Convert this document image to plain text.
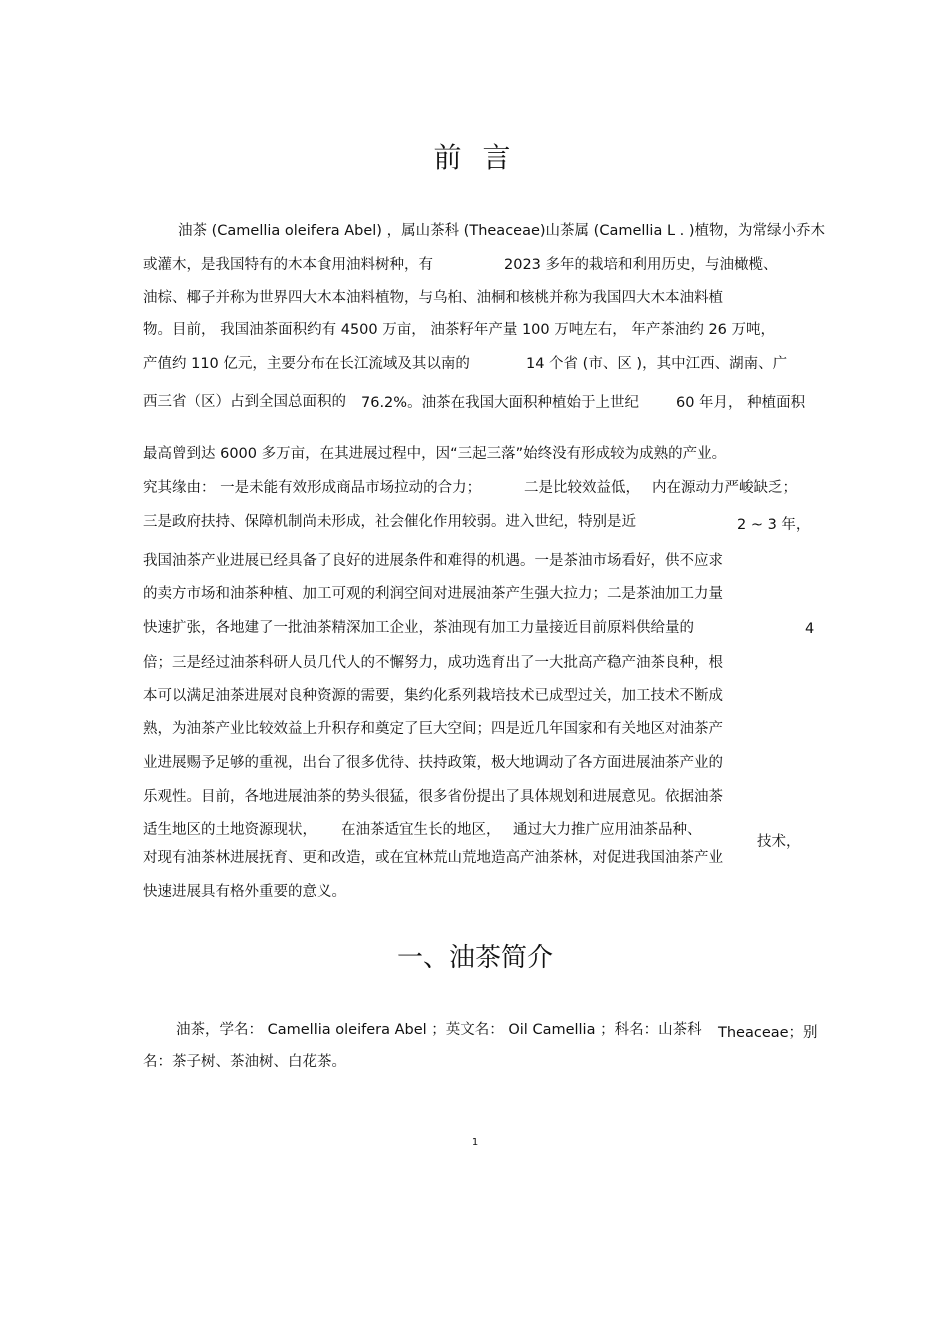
前 言
油茶 (Camellia oleifera Abel) ，属山茶科 (Theaceae)山茶属 (Camellia L . )植物，为常绿小乔木
或灌木，是我国特有的木本食用油料树种，有	2023 多年的栽培和利用历史，与油橄榄、
油棕、椰子并称为世界四大木本油料植物，与乌桕、油桐和核桃并称为我国四大木本油料植
物。目前， 我国油茶面积约有 4500 万亩， 油茶籽年产量 100 万吨左右， 年产茶油约 26 万吨，
产值约 110 亿元，主要分布在长江流域及其以南的	14 个省 (市、区 )，其中江西、湖南、广
西三省（区）占到全国总面积的 76.2%。油茶在我国大面积种植始于上世纪	60 年月， 种植面积
最高曾到达 6000 多万亩，在其进展过程中，因“三起三落”始终没有形成较为成熟的产业。
究其缘由： 一是未能有效形成商品市场拉动的合力；	二是比较效益低， 内在源动力严峻缺乏；
三是政府扶持、保障机制尚未形成，社会催化作用较弱。进入世纪，特别是近	2 ~ 3 年，
我国油茶产业进展已经具备了良好的进展条件和难得的机遇。一是茶油市场看好，供不应求
的卖方市场和油茶种植、加工可观的利润空间对进展油茶产生强大拉力；二是茶油加工力量
快速扩张，各地建了一批油茶精深加工企业，茶油现有加工力量接近目前原料供给量的	4
倍；三是经过油茶科研人员几代人的不懈努力，成功选育出了一大批高产稳产油茶良种，根
本可以满足油茶进展对良种资源的需要，集约化系列栽培技术已成型过关，加工技术不断成
熟，为油茶产业比较效益上升积存和奠定了巨大空间；四是近几年国家和有关地区对油茶产
业进展赐予足够的重视，出台了很多优待、扶持政策，极大地调动了各方面进展油茶产业的
乐观性。目前，各地进展油茶的势头很猛，很多省份提出了具体规划和进展意见。依据油茶
适生地区的土地资源现状， 在油茶适宜生长的地区， 通过大力推广应用油茶品种、
技术，
对现有油茶林进展抚育、更和改造，或在宜林荒山荒地造高产油茶林，对促进我国油茶产业
快速进展具有格外重要的意义。
一、油茶简介
油茶，学名： Camellia oleifera Abel ；英文名： Oil Camellia ；科名：山茶科 Theaceae；别
名：茶子树、茶油树、白花茶。
1
